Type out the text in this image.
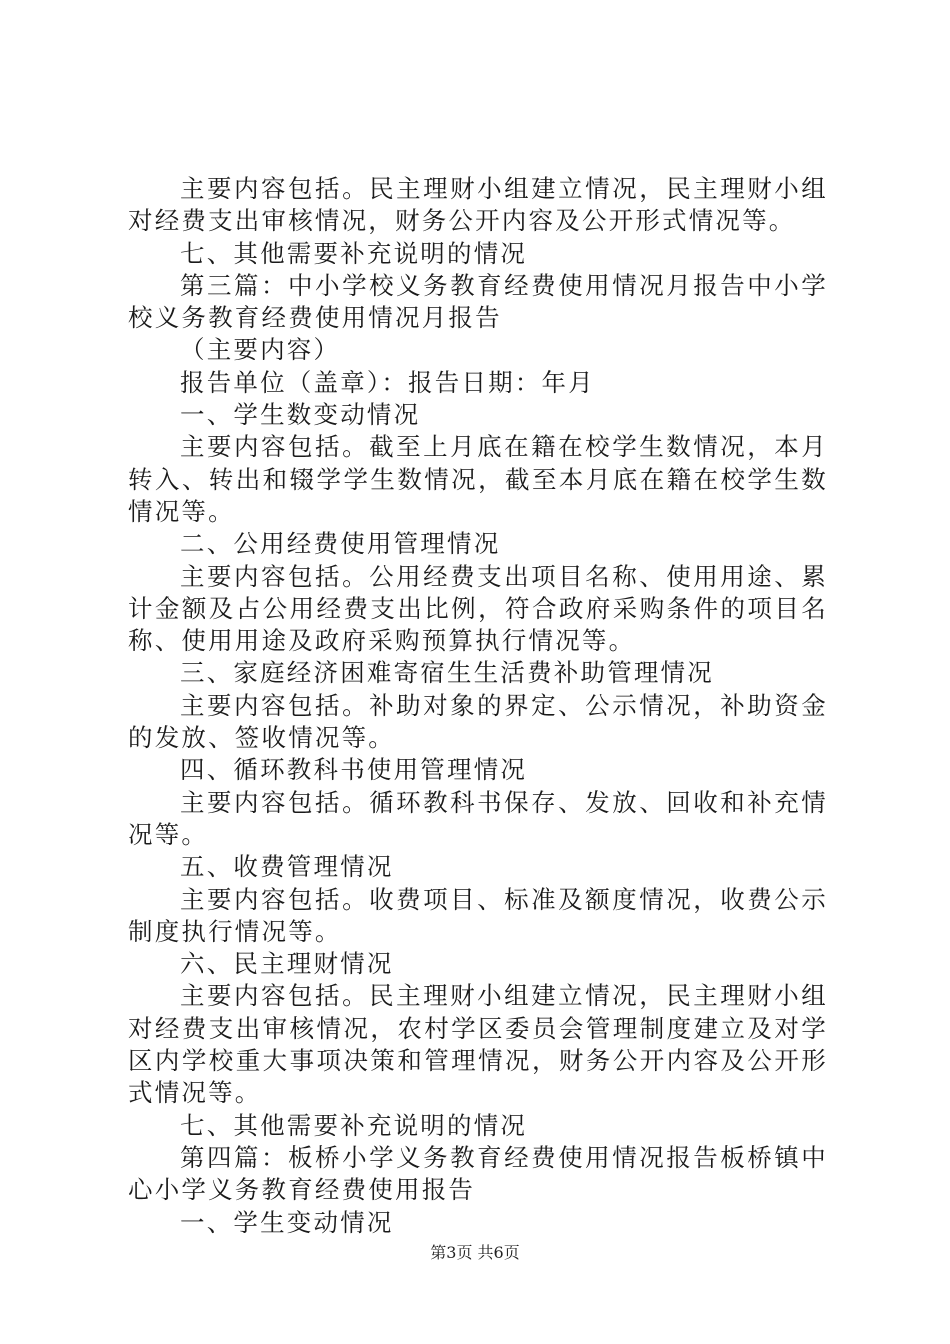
主要内容包括。民主理财小组建立情况，民主理财小组对经费支出审核情况，财务公开内容及公开形式情况等。

七、其他需要补充说明的情况

第三篇：中小学校义务教育经费使用情况月报告中小学校义务教育经费使用情况月报告

（主要内容）

报告单位（盖章）：报告日期：年月

一、学生数变动情况

主要内容包括。截至上月底在籍在校学生数情况，本月转入、转出和辍学学生数情况，截至本月底在籍在校学生数情况等。

二、公用经费使用管理情况

主要内容包括。公用经费支出项目名称、使用用途、累计金额及占公用经费支出比例，符合政府采购条件的项目名称、使用用途及政府采购预算执行情况等。

三、家庭经济困难寄宿生生活费补助管理情况

主要内容包括。补助对象的界定、公示情况，补助资金的发放、签收情况等。

四、循环教科书使用管理情况

主要内容包括。循环教科书保存、发放、回收和补充情况等。

五、收费管理情况

主要内容包括。收费项目、标准及额度情况，收费公示制度执行情况等。

六、民主理财情况

主要内容包括。民主理财小组建立情况，民主理财小组对经费支出审核情况，农村学区委员会管理制度建立及对学区内学校重大事项决策和管理情况，财务公开内容及公开形式情况等。

七、其他需要补充说明的情况

第四篇：板桥小学义务教育经费使用情况报告板桥镇中心小学义务教育经费使用报告

一、学生变动情况

第3页 共6页
